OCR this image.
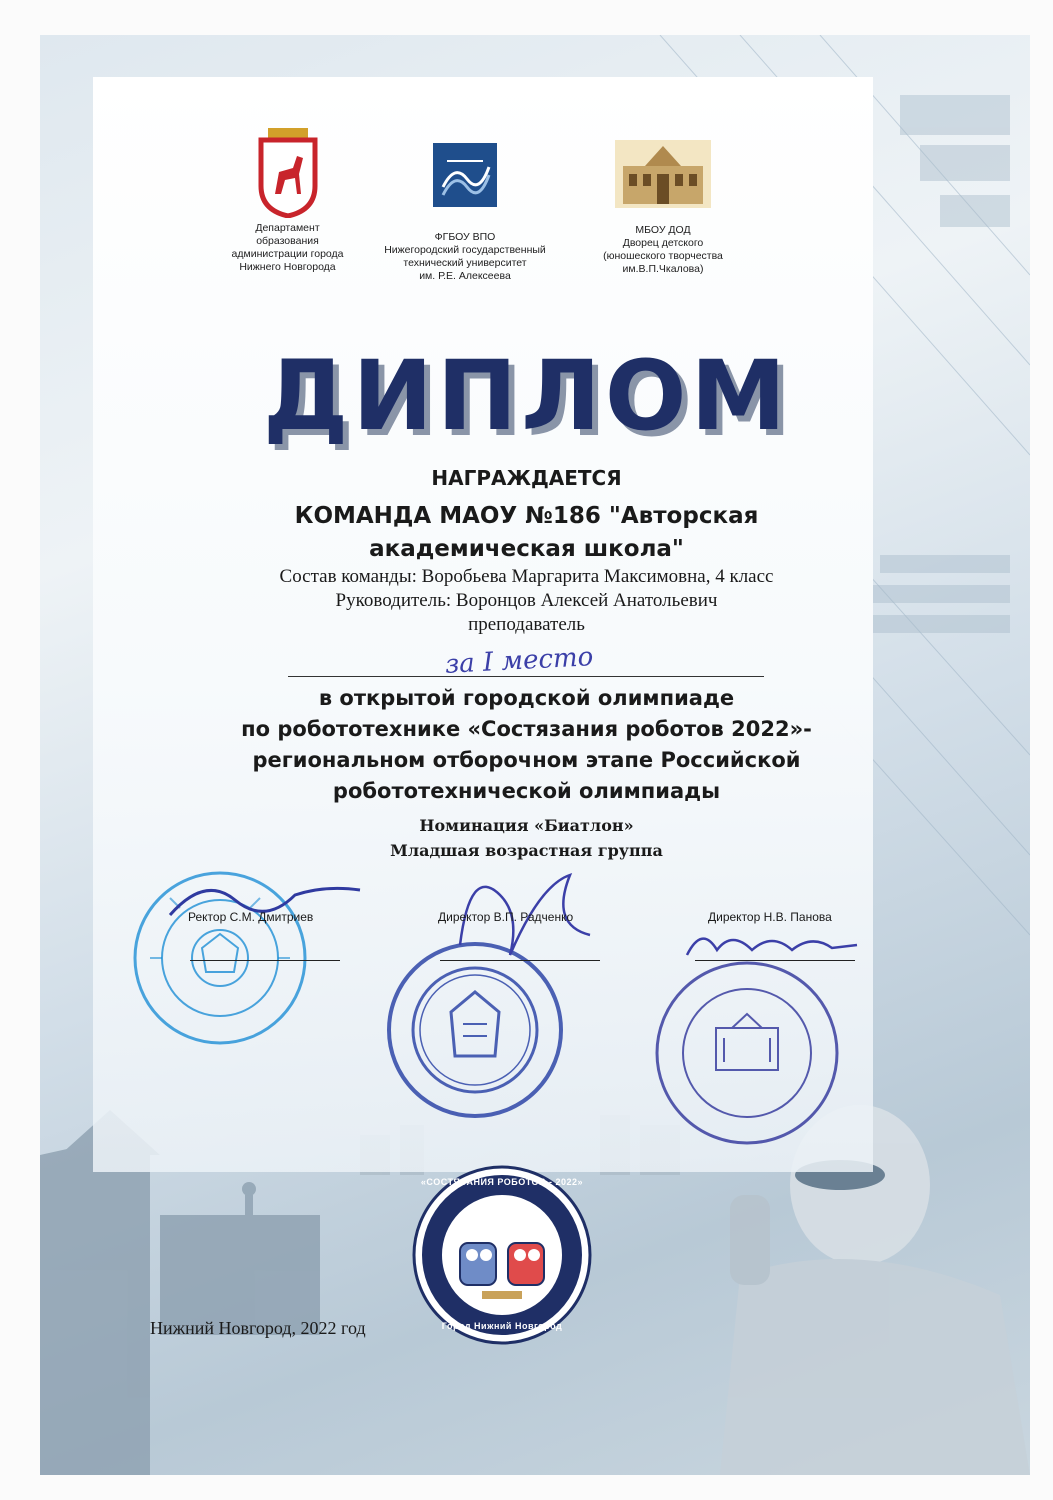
Департамент
образования
администрации города
Нижнего Новгорода
ФГБОУ ВПО
Нижегородский государственный
технический университет
им. Р.Е. Алексеева
МБОУ ДОД
Дворец детского
(юношеского творчества
им.В.П.Чкалова)
ДИПЛОМ
НАГРАЖДАЕТСЯ
КОМАНДА МАОУ №186 "Авторская
академическая школа"
Состав команды: Воробьева Маргарита Максимовна, 4 класс
Руководитель: Воронцов Алексей Анатольевич
преподаватель
за I место
в открытой городской олимпиаде
по робототехнике «Состязания роботов 2022»-
региональном отборочном этапе Российской
робототехнической олимпиады
Номинация «Биатлон»
Младшая возрастная группа
Ректор С.М. Дмитриев	Директор В.П. Радченко	Директор Н.В. Панова
«СОСТЯЗАНИЯ РОБОТОВ - 2022»
Город Нижний Новгород
Нижний Новгород, 2022 год
